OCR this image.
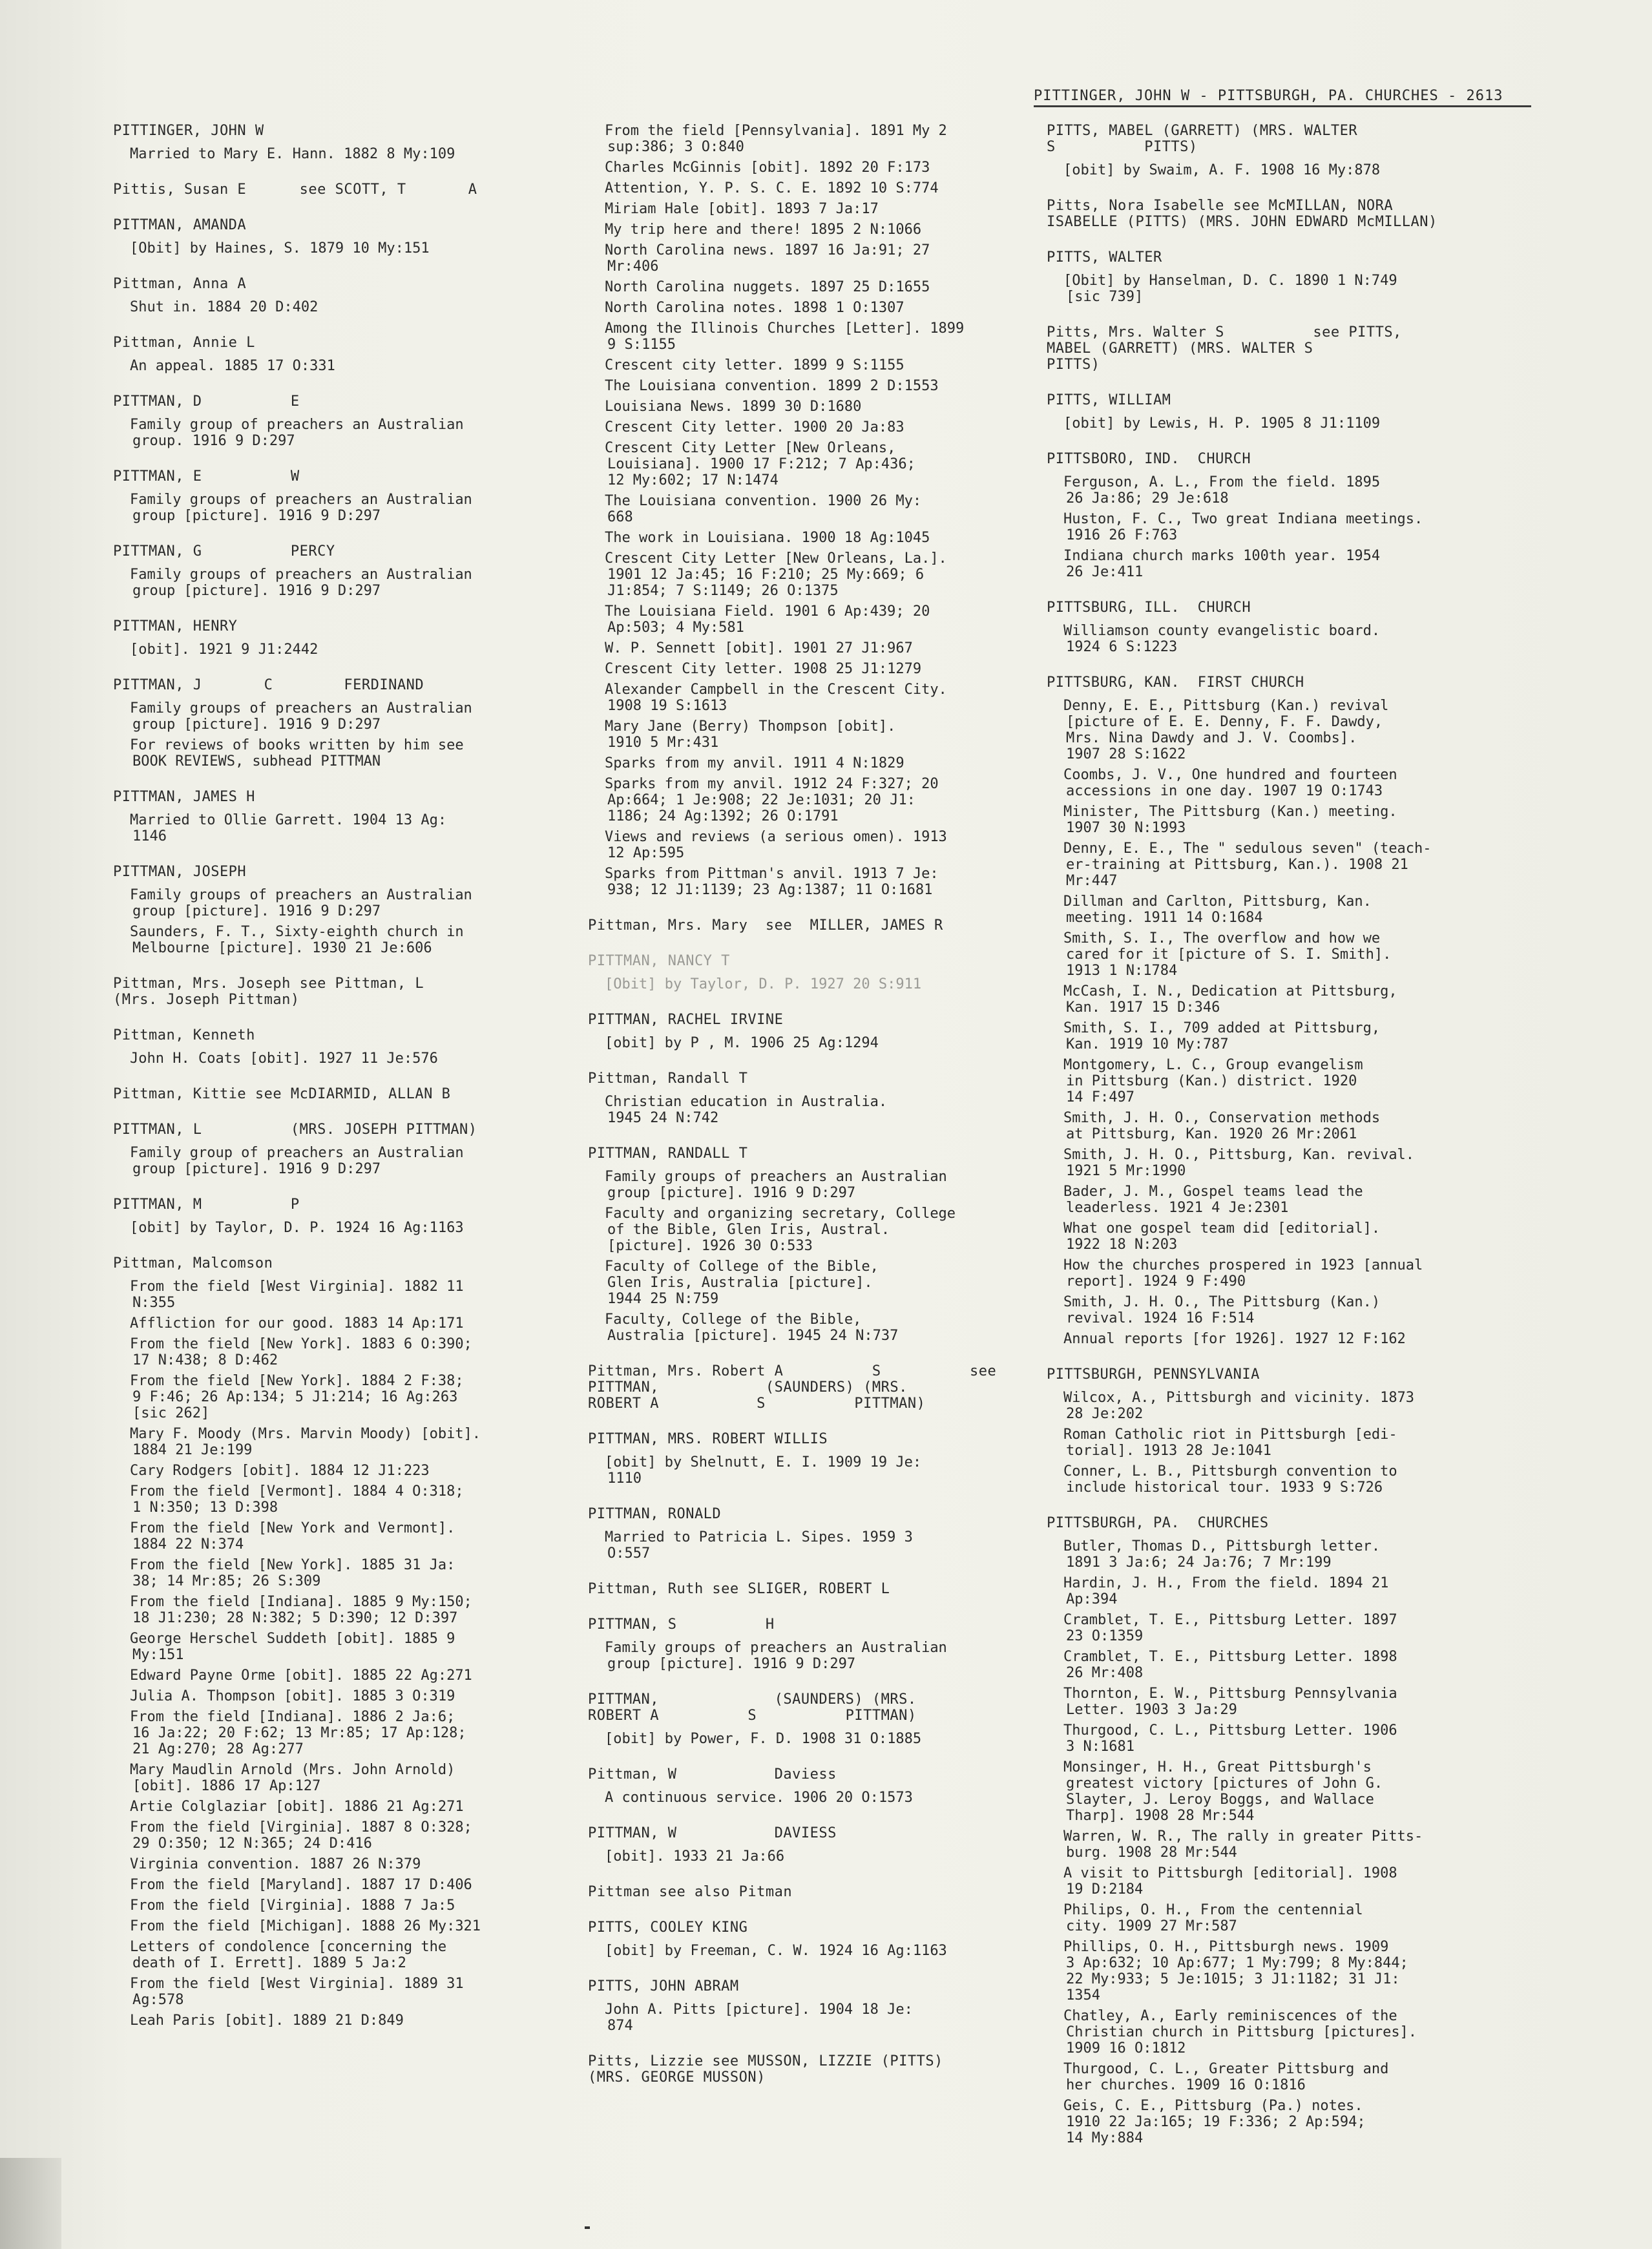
PITTINGER, JOHN W - PITTSBURGH, PA. CHURCHES - 2613
PITTINGER, JOHN W
Married to Mary E. Hann. 1882 8 My:109
Pittis, Susan E      see SCOTT, T       A
PITTMAN, AMANDA
[Obit] by Haines, S. 1879 10 My:151
Pittman, Anna A
Shut in. 1884 20 D:402
Pittman, Annie L
An appeal. 1885 17 O:331
PITTMAN, D          E
Family group of preachers an Australian
group. 1916 9 D:297
PITTMAN, E          W
Family groups of preachers an Australian
group [picture]. 1916 9 D:297
PITTMAN, G          PERCY
Family groups of preachers an Australian
group [picture]. 1916 9 D:297
PITTMAN, HENRY
[obit]. 1921 9 J1:2442
PITTMAN, J       C        FERDINAND
Family groups of preachers an Australian
group [picture]. 1916 9 D:297
For reviews of books written by him see
BOOK REVIEWS, subhead PITTMAN
PITTMAN, JAMES H
Married to Ollie Garrett. 1904 13 Ag:
1146
PITTMAN, JOSEPH
Family groups of preachers an Australian
group [picture]. 1916 9 D:297
Saunders, F. T., Sixty-eighth church in
Melbourne [picture]. 1930 21 Je:606
Pittman, Mrs. Joseph see Pittman, L
(Mrs. Joseph Pittman)
Pittman, Kenneth
John H. Coats [obit]. 1927 11 Je:576
Pittman, Kittie see McDIARMID, ALLAN B
PITTMAN, L          (MRS. JOSEPH PITTMAN)
Family group of preachers an Australian
group [picture]. 1916 9 D:297
PITTMAN, M          P
[obit] by Taylor, D. P. 1924 16 Ag:1163
Pittman, Malcomson
From the field [West Virginia]. 1882 11
N:355
Affliction for our good. 1883 14 Ap:171
From the field [New York]. 1883 6 O:390;
17 N:438; 8 D:462
From the field [New York]. 1884 2 F:38;
9 F:46; 26 Ap:134; 5 J1:214; 16 Ag:263
[sic 262]
Mary F. Moody (Mrs. Marvin Moody) [obit].
1884 21 Je:199
Cary Rodgers [obit]. 1884 12 J1:223
From the field [Vermont]. 1884 4 O:318;
1 N:350; 13 D:398
From the field [New York and Vermont].
1884 22 N:374
From the field [New York]. 1885 31 Ja:
38; 14 Mr:85; 26 S:309
From the field [Indiana]. 1885 9 My:150;
18 J1:230; 28 N:382; 5 D:390; 12 D:397
George Herschel Suddeth [obit]. 1885 9
My:151
Edward Payne Orme [obit]. 1885 22 Ag:271
Julia A. Thompson [obit]. 1885 3 O:319
From the field [Indiana]. 1886 2 Ja:6;
16 Ja:22; 20 F:62; 13 Mr:85; 17 Ap:128;
21 Ag:270; 28 Ag:277
Mary Maudlin Arnold (Mrs. John Arnold)
[obit]. 1886 17 Ap:127
Artie Colglaziar [obit]. 1886 21 Ag:271
From the field [Virginia]. 1887 8 O:328;
29 O:350; 12 N:365; 24 D:416
Virginia convention. 1887 26 N:379
From the field [Maryland]. 1887 17 D:406
From the field [Virginia]. 1888 7 Ja:5
From the field [Michigan]. 1888 26 My:321
Letters of condolence [concerning the
death of I. Errett]. 1889 5 Ja:2
From the field [West Virginia]. 1889 31
Ag:578
Leah Paris [obit]. 1889 21 D:849
From the field [Pennsylvania]. 1891 My 2
sup:386; 3 O:840
Charles McGinnis [obit]. 1892 20 F:173
Attention, Y. P. S. C. E. 1892 10 S:774
Miriam Hale [obit]. 1893 7 Ja:17
My trip here and there! 1895 2 N:1066
North Carolina news. 1897 16 Ja:91; 27
Mr:406
North Carolina nuggets. 1897 25 D:1655
North Carolina notes. 1898 1 O:1307
Among the Illinois Churches [Letter]. 1899
9 S:1155
Crescent city letter. 1899 9 S:1155
The Louisiana convention. 1899 2 D:1553
Louisiana News. 1899 30 D:1680
Crescent City letter. 1900 20 Ja:83
Crescent City Letter [New Orleans,
Louisiana]. 1900 17 F:212; 7 Ap:436;
12 My:602; 17 N:1474
The Louisiana convention. 1900 26 My:
668
The work in Louisiana. 1900 18 Ag:1045
Crescent City Letter [New Orleans, La.].
1901 12 Ja:45; 16 F:210; 25 My:669; 6
J1:854; 7 S:1149; 26 O:1375
The Louisiana Field. 1901 6 Ap:439; 20
Ap:503; 4 My:581
W. P. Sennett [obit]. 1901 27 J1:967
Crescent City letter. 1908 25 J1:1279
Alexander Campbell in the Crescent City.
1908 19 S:1613
Mary Jane (Berry) Thompson [obit].
1910 5 Mr:431
Sparks from my anvil. 1911 4 N:1829
Sparks from my anvil. 1912 24 F:327; 20
Ap:664; 1 Je:908; 22 Je:1031; 20 J1:
1186; 24 Ag:1392; 26 O:1791
Views and reviews (a serious omen). 1913
12 Ap:595
Sparks from Pittman's anvil. 1913 7 Je:
938; 12 J1:1139; 23 Ag:1387; 11 O:1681
Pittman, Mrs. Mary  see  MILLER, JAMES R
PITTMAN, NANCY T
[Obit] by Taylor, D. P. 1927 20 S:911
PITTMAN, RACHEL IRVINE
[obit] by P , M. 1906 25 Ag:1294
Pittman, Randall T
Christian education in Australia.
1945 24 N:742
PITTMAN, RANDALL T
Family groups of preachers an Australian
group [picture]. 1916 9 D:297
Faculty and organizing secretary, College
of the Bible, Glen Iris, Austral.
[picture]. 1926 30 O:533
Faculty of College of the Bible,
Glen Iris, Australia [picture].
1944 25 N:759
Faculty, College of the Bible,
Australia [picture]. 1945 24 N:737
Pittman, Mrs. Robert A          S          see
PITTMAN,            (SAUNDERS) (MRS.
ROBERT A           S          PITTMAN)
PITTMAN, MRS. ROBERT WILLIS
[obit] by Shelnutt, E. I. 1909 19 Je:
1110
PITTMAN, RONALD
Married to Patricia L. Sipes. 1959 3
O:557
Pittman, Ruth see SLIGER, ROBERT L
PITTMAN, S          H
Family groups of preachers an Australian
group [picture]. 1916 9 D:297
PITTMAN,             (SAUNDERS) (MRS.
ROBERT A          S          PITTMAN)
[obit] by Power, F. D. 1908 31 O:1885
Pittman, W           Daviess
A continuous service. 1906 20 O:1573
PITTMAN, W           DAVIESS
[obit]. 1933 21 Ja:66
Pittman see also Pitman
PITTS, COOLEY KING
[obit] by Freeman, C. W. 1924 16 Ag:1163
PITTS, JOHN ABRAM
John A. Pitts [picture]. 1904 18 Je:
874
Pitts, Lizzie see MUSSON, LIZZIE (PITTS)
(MRS. GEORGE MUSSON)
PITTS, MABEL (GARRETT) (MRS. WALTER
S          PITTS)
[obit] by Swaim, A. F. 1908 16 My:878
Pitts, Nora Isabelle see McMILLAN, NORA
ISABELLE (PITTS) (MRS. JOHN EDWARD McMILLAN)
PITTS, WALTER
[Obit] by Hanselman, D. C. 1890 1 N:749
[sic 739]
Pitts, Mrs. Walter S          see PITTS,
MABEL (GARRETT) (MRS. WALTER S
PITTS)
PITTS, WILLIAM
[obit] by Lewis, H. P. 1905 8 J1:1109
PITTSBORO, IND.  CHURCH
Ferguson, A. L., From the field. 1895
26 Ja:86; 29 Je:618
Huston, F. C., Two great Indiana meetings.
1916 26 F:763
Indiana church marks 100th year. 1954
26 Je:411
PITTSBURG, ILL.  CHURCH
Williamson county evangelistic board.
1924 6 S:1223
PITTSBURG, KAN.  FIRST CHURCH
Denny, E. E., Pittsburg (Kan.) revival
[picture of E. E. Denny, F. F. Dawdy,
Mrs. Nina Dawdy and J. V. Coombs].
1907 28 S:1622
Coombs, J. V., One hundred and fourteen
accessions in one day. 1907 19 O:1743
Minister, The Pittsburg (Kan.) meeting.
1907 30 N:1993
Denny, E. E., The " sedulous seven" (teach-
er-training at Pittsburg, Kan.). 1908 21
Mr:447
Dillman and Carlton, Pittsburg, Kan.
meeting. 1911 14 O:1684
Smith, S. I., The overflow and how we
cared for it [picture of S. I. Smith].
1913 1 N:1784
McCash, I. N., Dedication at Pittsburg,
Kan. 1917 15 D:346
Smith, S. I., 709 added at Pittsburg,
Kan. 1919 10 My:787
Montgomery, L. C., Group evangelism
in Pittsburg (Kan.) district. 1920
14 F:497
Smith, J. H. O., Conservation methods
at Pittsburg, Kan. 1920 26 Mr:2061
Smith, J. H. O., Pittsburg, Kan. revival.
1921 5 Mr:1990
Bader, J. M., Gospel teams lead the
leaderless. 1921 4 Je:2301
What one gospel team did [editorial].
1922 18 N:203
How the churches prospered in 1923 [annual
report]. 1924 9 F:490
Smith, J. H. O., The Pittsburg (Kan.)
revival. 1924 16 F:514
Annual reports [for 1926]. 1927 12 F:162
PITTSBURGH, PENNSYLVANIA
Wilcox, A., Pittsburgh and vicinity. 1873
28 Je:202
Roman Catholic riot in Pittsburgh [edi-
torial]. 1913 28 Je:1041
Conner, L. B., Pittsburgh convention to
include historical tour. 1933 9 S:726
PITTSBURGH, PA.  CHURCHES
Butler, Thomas D., Pittsburgh letter.
1891 3 Ja:6; 24 Ja:76; 7 Mr:199
Hardin, J. H., From the field. 1894 21
Ap:394
Cramblet, T. E., Pittsburg Letter. 1897
23 O:1359
Cramblet, T. E., Pittsburg Letter. 1898
26 Mr:408
Thornton, E. W., Pittsburg Pennsylvania
Letter. 1903 3 Ja:29
Thurgood, C. L., Pittsburg Letter. 1906
3 N:1681
Monsinger, H. H., Great Pittsburgh's
greatest victory [pictures of John G.
Slayter, J. Leroy Boggs, and Wallace
Tharp]. 1908 28 Mr:544
Warren, W. R., The rally in greater Pitts-
burg. 1908 28 Mr:544
A visit to Pittsburgh [editorial]. 1908
19 D:2184
Philips, O. H., From the centennial
city. 1909 27 Mr:587
Phillips, O. H., Pittsburgh news. 1909
3 Ap:632; 10 Ap:677; 1 My:799; 8 My:844;
22 My:933; 5 Je:1015; 3 J1:1182; 31 J1:
1354
Chatley, A., Early reminiscences of the
Christian church in Pittsburg [pictures].
1909 16 O:1812
Thurgood, C. L., Greater Pittsburg and
her churches. 1909 16 O:1816
Geis, C. E., Pittsburg (Pa.) notes.
1910 22 Ja:165; 19 F:336; 2 Ap:594;
14 My:884
